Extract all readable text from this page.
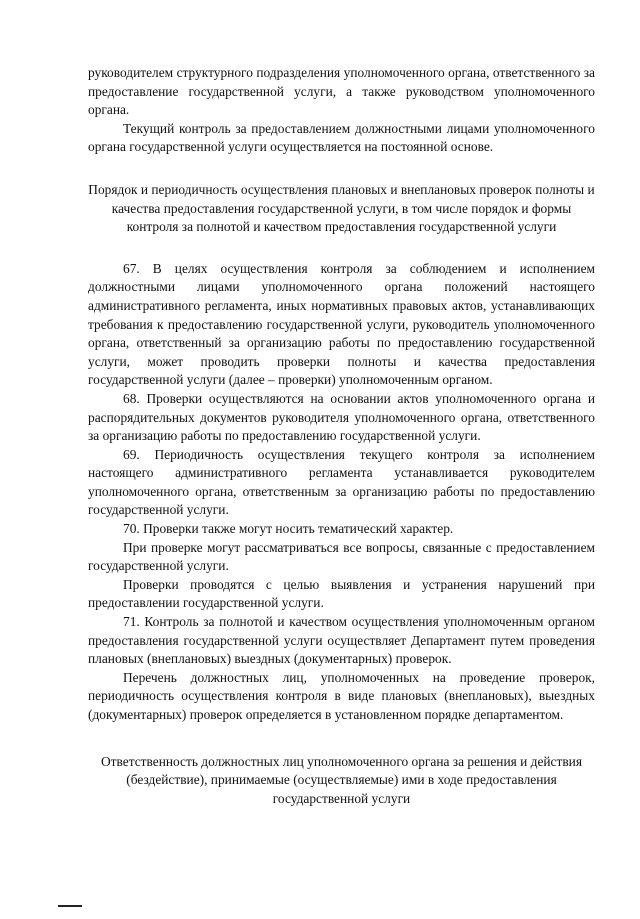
руководителем структурного подразделения уполномоченного органа, ответственного за предоставление государственной услуги, а также руководством уполномоченного органа.

Текущий контроль за предоставлением должностными лицами уполномоченного органа государственной услуги осуществляется на постоянной основе.

Порядок и периодичность осуществления плановых и внеплановых проверок полноты и качества предоставления государственной услуги, в том числе порядок и формы контроля за полнотой и качеством предоставления государственной услуги

67. В целях осуществления контроля за соблюдением и исполнением должностными лицами уполномоченного органа положений настоящего административного регламента, иных нормативных правовых актов, устанавливающих требования к предоставлению государственной услуги, руководитель уполномоченного органа, ответственный за организацию работы по предоставлению государственной услуги, может проводить проверки полноты и качества предоставления государственной услуги (далее – проверки) уполномоченным органом.

68. Проверки осуществляются на основании актов уполномоченного органа и распорядительных документов руководителя уполномоченного органа, ответственного за организацию работы по предоставлению государственной услуги.

69. Периодичность осуществления текущего контроля за исполнением настоящего административного регламента устанавливается руководителем уполномоченного органа, ответственным за организацию работы по предоставлению государственной услуги.

70. Проверки также могут носить тематический характер.

При проверке могут рассматриваться все вопросы, связанные с предоставлением государственной услуги.

Проверки проводятся с целью выявления и устранения нарушений при предоставлении государственной услуги.

71. Контроль за полнотой и качеством осуществления уполномоченным органом предоставления государственной услуги осуществляет Департамент путем проведения плановых (внеплановых) выездных (документарных) проверок.

Перечень должностных лиц, уполномоченных на проведение проверок, периодичность осуществления контроля в виде плановых (внеплановых), выездных (документарных) проверок определяется в установленном порядке департаментом.

Ответственность должностных лиц уполномоченного органа за решения и действия (бездействие), принимаемые (осуществляемые) ими в ходе предоставления государственной услуги
